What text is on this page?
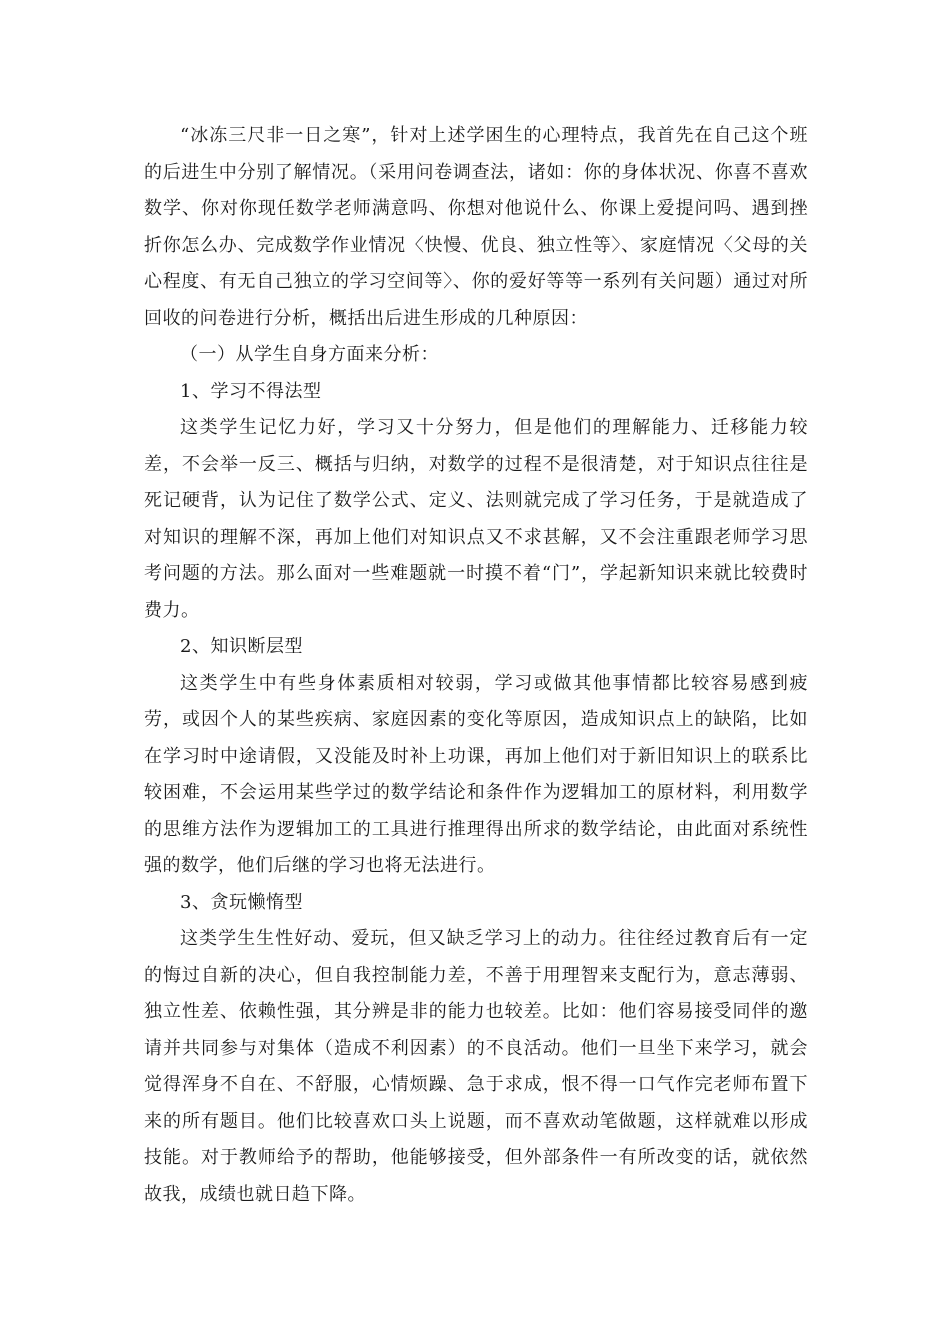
“冰冻三尺非一日之寒”，针对上述学困生的心理特点，我首先在自己这个班的后进生中分别了解情况。（采用问卷调查法，诸如：你的身体状况、你喜不喜欢数学、你对你现任数学老师满意吗、你想对他说什么、你课上爱提问吗、遇到挫折你怎么办、完成数学作业情况〈快慢、优良、独立性等〉、家庭情况〈父母的关心程度、有无自己独立的学习空间等〉、你的爱好等等一系列有关问题）通过对所回收的问卷进行分析，概括出后进生形成的几种原因：

（一）从学生自身方面来分析：

1、学习不得法型

这类学生记忆力好，学习又十分努力，但是他们的理解能力、迁移能力较差，不会举一反三、概括与归纳，对数学的过程不是很清楚，对于知识点往往是死记硬背，认为记住了数学公式、定义、法则就完成了学习任务，于是就造成了对知识的理解不深，再加上他们对知识点又不求甚解，又不会注重跟老师学习思考问题的方法。那么面对一些难题就一时摸不着“门”，学起新知识来就比较费时费力。

2、知识断层型

这类学生中有些身体素质相对较弱，学习或做其他事情都比较容易感到疲劳，或因个人的某些疾病、家庭因素的变化等原因，造成知识点上的缺陷，比如在学习时中途请假，又没能及时补上功课，再加上他们对于新旧知识上的联系比较困难，不会运用某些学过的数学结论和条件作为逻辑加工的原材料，利用数学的思维方法作为逻辑加工的工具进行推理得出所求的数学结论，由此面对系统性强的数学，他们后继的学习也将无法进行。

3、贪玩懒惰型

这类学生生性好动、爱玩，但又缺乏学习上的动力。往往经过教育后有一定的悔过自新的决心，但自我控制能力差，不善于用理智来支配行为，意志薄弱、独立性差、依赖性强，其分辨是非的能力也较差。比如：他们容易接受同伴的邀请并共同参与对集体（造成不利因素）的不良活动。他们一旦坐下来学习，就会觉得浑身不自在、不舒服，心情烦躁、急于求成，恨不得一口气作完老师布置下来的所有题目。他们比较喜欢口头上说题，而不喜欢动笔做题，这样就难以形成技能。对于教师给予的帮助，他能够接受，但外部条件一有所改变的话，就依然故我，成绩也就日趋下降。
